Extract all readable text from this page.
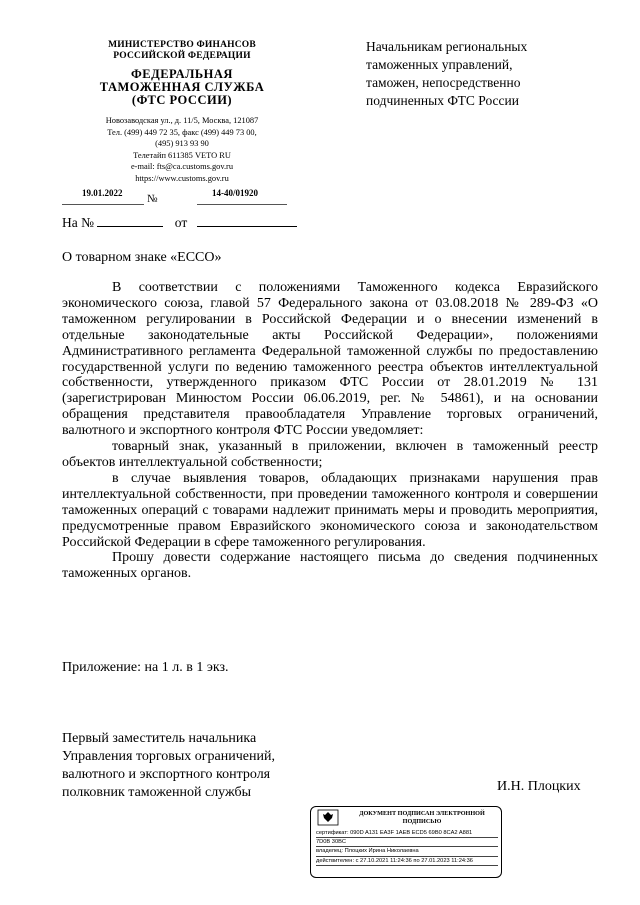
МИНИСТЕРСТВО ФИНАНСОВ
РОССИЙСКОЙ ФЕДЕРАЦИИ
ФЕДЕРАЛЬНАЯ
ТАМОЖЕННАЯ СЛУЖБА
(ФТС РОССИИ)
Новозаводская ул., д. 11/5, Москва, 121087
Тел. (499) 449 72 35, факс (499) 449 73 00,
(495) 913 93 90
Телетайп 611385 VETO RU
e-mail: fts@ca.customs.gov.ru
https://www.customs.gov.ru
19.01.2022 №	14-40/01920
На №	от
Начальникам региональных
таможенных управлений,
таможен, непосредственно
подчиненных ФТС России
О товарном знаке «ЕССО»

В соответствии с положениями Таможенного кодекса Евразийского экономического союза, главой 57 Федерального закона от 03.08.2018 № 289-ФЗ «О таможенном регулировании в Российской Федерации и о внесении изменений в отдельные законодательные акты Российской Федерации», положениями Административного регламента Федеральной таможенной службы по предоставлению государственной услуги по ведению таможенного реестра объектов интеллектуальной собственности, утвержденного приказом ФТС России от 28.01.2019 № 131 (зарегистрирован Минюстом России 06.06.2019, рег. № 54861), и на основании обращения представителя правообладателя Управление торговых ограничений, валютного и экспортного контроля ФТС России уведомляет:

товарный знак, указанный в приложении, включен в таможенный реестр объектов интеллектуальной собственности;

в случае выявления товаров, обладающих признаками нарушения прав интеллектуальной собственности, при проведении таможенного контроля и совершении таможенных операций с товарами надлежит принимать меры и проводить мероприятия, предусмотренные правом Евразийского экономического союза и законодательством Российской Федерации в сфере таможенного регулирования.

Прошу довести содержание настоящего письма до сведения подчиненных таможенных органов.

Приложение: на 1 л. в 1 экз.
Первый заместитель начальника
Управления торговых ограничений,
валютного и экспортного контроля
полковник таможенной службы	И.Н. Плоцких
ДОКУМЕНТ ПОДПИСАН ЭЛЕКТРОННОЙ
ПОДПИСЬЮ
сертификат: 090D A131 EA3F 1AEB ECD5 69B0 8CA2 A881
7D0B 30BC
владелец: Плоцких Ирина Николаевна
действителен: с 27.10.2021 11:24:36 по 27.01.2023 11:24:36
